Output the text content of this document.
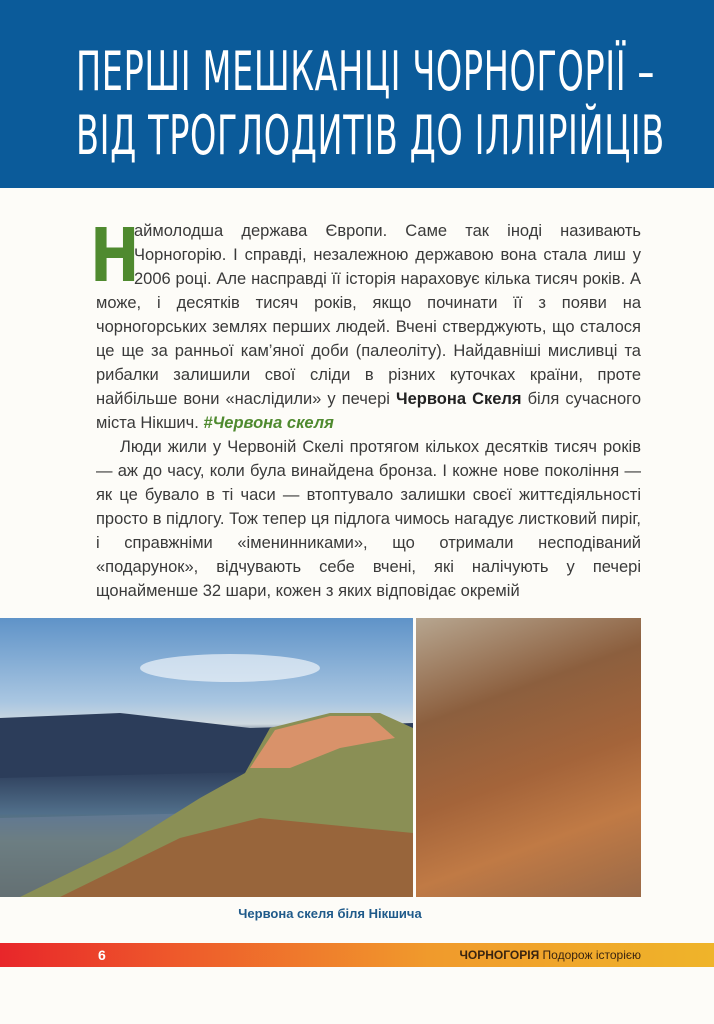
ПЕРШІ МЕШКАНЦІ ЧОРНОГОРІЇ –
ВІД ТРОГЛОДИТІВ ДО ІЛЛІРІЙЦІВ

Н
аймолодша держава Європи. Саме так іноді називають Чорногорію. І справді, незалежною державою вона стала лиш у 2006 році. Але насправді її історія нараховує кілька тисяч років. А може, і десятків тисяч років, якщо починати її з появи на чорногорських землях перших людей. Вчені стверджують, що сталося це ще за ранньої кам’яної доби (палеоліту). Найдавніші мисливці та рибалки залишили свої сліди в різних куточках країни, проте найбільше вони «наслідили» у печері Червона Скеля біля сучасного міста Нікшич. #Червона скеля

Люди жили у Червоній Скелі протягом кількох десятків тисяч років — аж до часу, коли була винайдена бронза. І кожне нове покоління — як це бувало в ті часи — втоптувало залишки своєї життєдіяльності просто в підлогу. Тож тепер ця підлога чимось нагадує листковий пиріг, і справжніми «іменинниками», що отримали несподіваний «подарунок», відчувають себе вчені, які налічують у печері щонайменше 32 шари, кожен з яких відповідає окремій

Червона скеля біля Нікшича
6	ЧОРНОГОРІЯ Подорож історією
